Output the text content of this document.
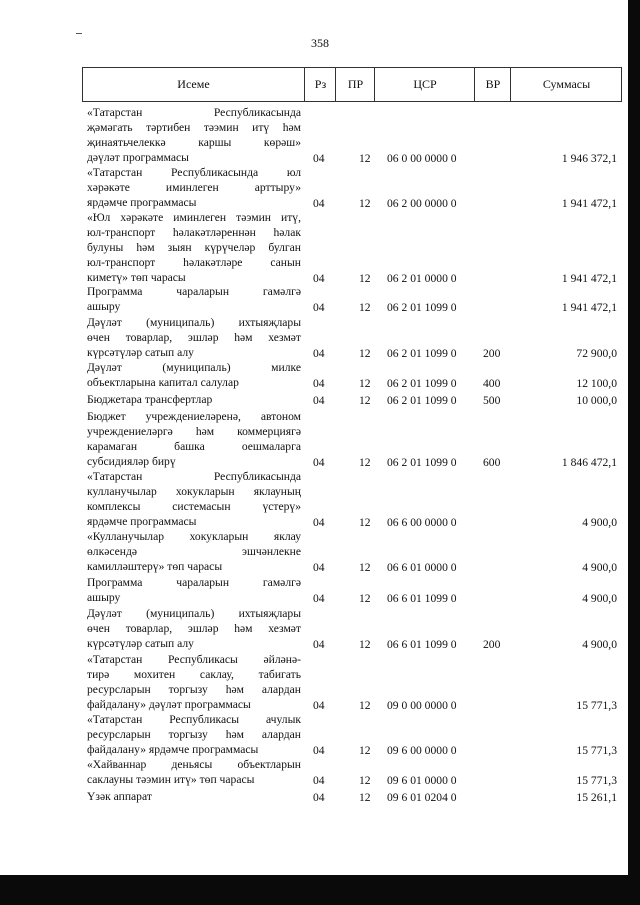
358
Исеме	Рз	ПР	ЦСР	ВР	Суммасы
«Татарстан Республикасында
җәмәгать тәртибен тәэмин итү һәм
җинаятьчелеккә каршы көрәш»
дәүләт программасы	04	12 06 0 00 0000 0	1 946 372,1
«Татарстан Республикасында юл
хәрәкәте иминлеген арттыру»
ярдәмче программасы	04	12 06 2 00 0000 0	1 941 472,1
«Юл хәрәкәте иминлеген тәэмин итү,
юл-транспорт һәлакәтләреннән һәлак
булуны һәм зыян күрүчеләр булган
юл-транспорт һәлакәтләре санын
киметү» төп чарасы	04	12 06 2 01 0000 0	1 941 472,1
Программа чараларын гамәлгә
ашыру	04	12 06 2 01 1099 0	1 941 472,1
Дәүләт (муниципаль) ихтыяҗлары
өчен товарлар, эшләр һәм хезмәт
күрсәтүләр сатып алу	04	12 06 2 01 1099 0 200	72 900,0
Дәүләт (муниципаль) милке
объектларына капитал салулар	04	12 06 2 01 1099 0 400	12 100,0
Бюджетара трансфертлар	04	12 06 2 01 1099 0 500	10 000,0
Бюджет учреждениеләренә, автоном
учреждениеләргә һәм коммерциягә
карамаган башка оешмаларга
субсидияләр бирү	04	12 06 2 01 1099 0 600	1 846 472,1
«Татарстан Республикасында
кулланучылар хокукларын яклауның
комплексы системасын үстерү»
ярдәмче программасы	04	12 06 6 00 0000 0	4 900,0
«Кулланучылар хокукларын яклау
өлкәсендә эшчәнлекне
камилләштерү» төп чарасы	04	12 06 6 01 0000 0	4 900,0
Программа чараларын гамәлгә
ашыру	04	12 06 6 01 1099 0	4 900,0
Дәүләт (муниципаль) ихтыяҗлары
өчен товарлар, эшләр һәм хезмәт
күрсәтүләр сатып алу	04	12 06 6 01 1099 0 200	4 900,0
«Татарстан Республикасы әйләнә-
тирә мохитен саклау, табигать
ресурсларын торгызу һәм алардан
файдалану» дәүләт программасы	04	12 09 0 00 0000 0	15 771,3
«Татарстан Республикасы ачулык
ресурсларын торгызу һәм алардан
файдалану» ярдәмче программасы	04	12 09 6 00 0000 0	15 771,3
«Хайваннар деньясы объектларын
саклауны тәэмин итү» төп чарасы	04	12 09 6 01 0000 0	15 771,3
Үзәк аппарат	04	12 09 6 01 0204 0	15 261,1
